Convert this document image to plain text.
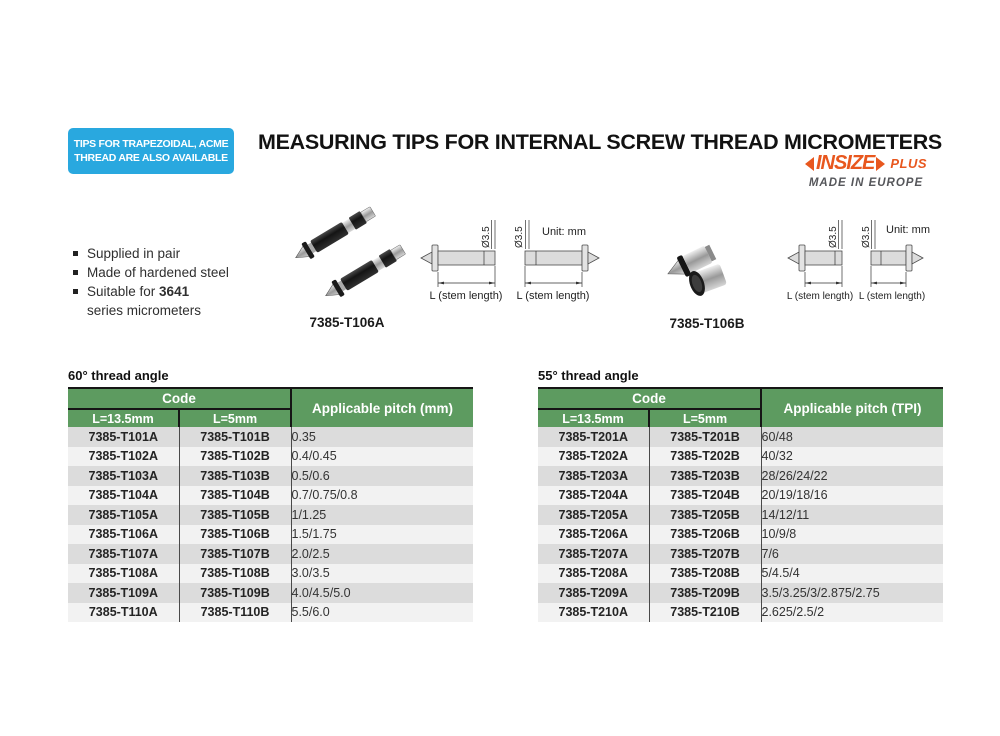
TIPS FOR TRAPEZOIDAL, ACME
THREAD ARE ALSO AVAILABLE
MEASURING TIPS FOR INTERNAL SCREW THREAD MICROMETERS
INSIZE PLUS
MADE IN EUROPE
Supplied in pair
Made of hardened steel
Suitable for 3641
series micrometers
7385-T106A	7385-T106B
Unit: mm
Ø3.5
L (stem length)
Ø3.5
L (stem length)
Unit: mm
Ø3.5
L (stem length)
Ø3.5
L (stem length)
60° thread angle
Code		Applicable pitch (mm)
L=13.5mm	L=5mm	
7385-T101A	7385-T101B	0.35
7385-T102A	7385-T102B	0.4/0.45
7385-T103A	7385-T103B	0.5/0.6
7385-T104A	7385-T104B	0.7/0.75/0.8
7385-T105A	7385-T105B	1/1.25
7385-T106A	7385-T106B	1.5/1.75
7385-T107A	7385-T107B	2.0/2.5
7385-T108A	7385-T108B	3.0/3.5
7385-T109A	7385-T109B	4.0/4.5/5.0
7385-T110A	7385-T110B	5.5/6.0
55° thread angle
Code		Applicable pitch (TPI)
L=13.5mm	L=5mm	
7385-T201A	7385-T201B	60/48
7385-T202A	7385-T202B	40/32
7385-T203A	7385-T203B	28/26/24/22
7385-T204A	7385-T204B	20/19/18/16
7385-T205A	7385-T205B	14/12/11
7385-T206A	7385-T206B	10/9/8
7385-T207A	7385-T207B	7/6
7385-T208A	7385-T208B	5/4.5/4
7385-T209A	7385-T209B	3.5/3.25/3/2.875/2.75
7385-T210A	7385-T210B	2.625/2.5/2
